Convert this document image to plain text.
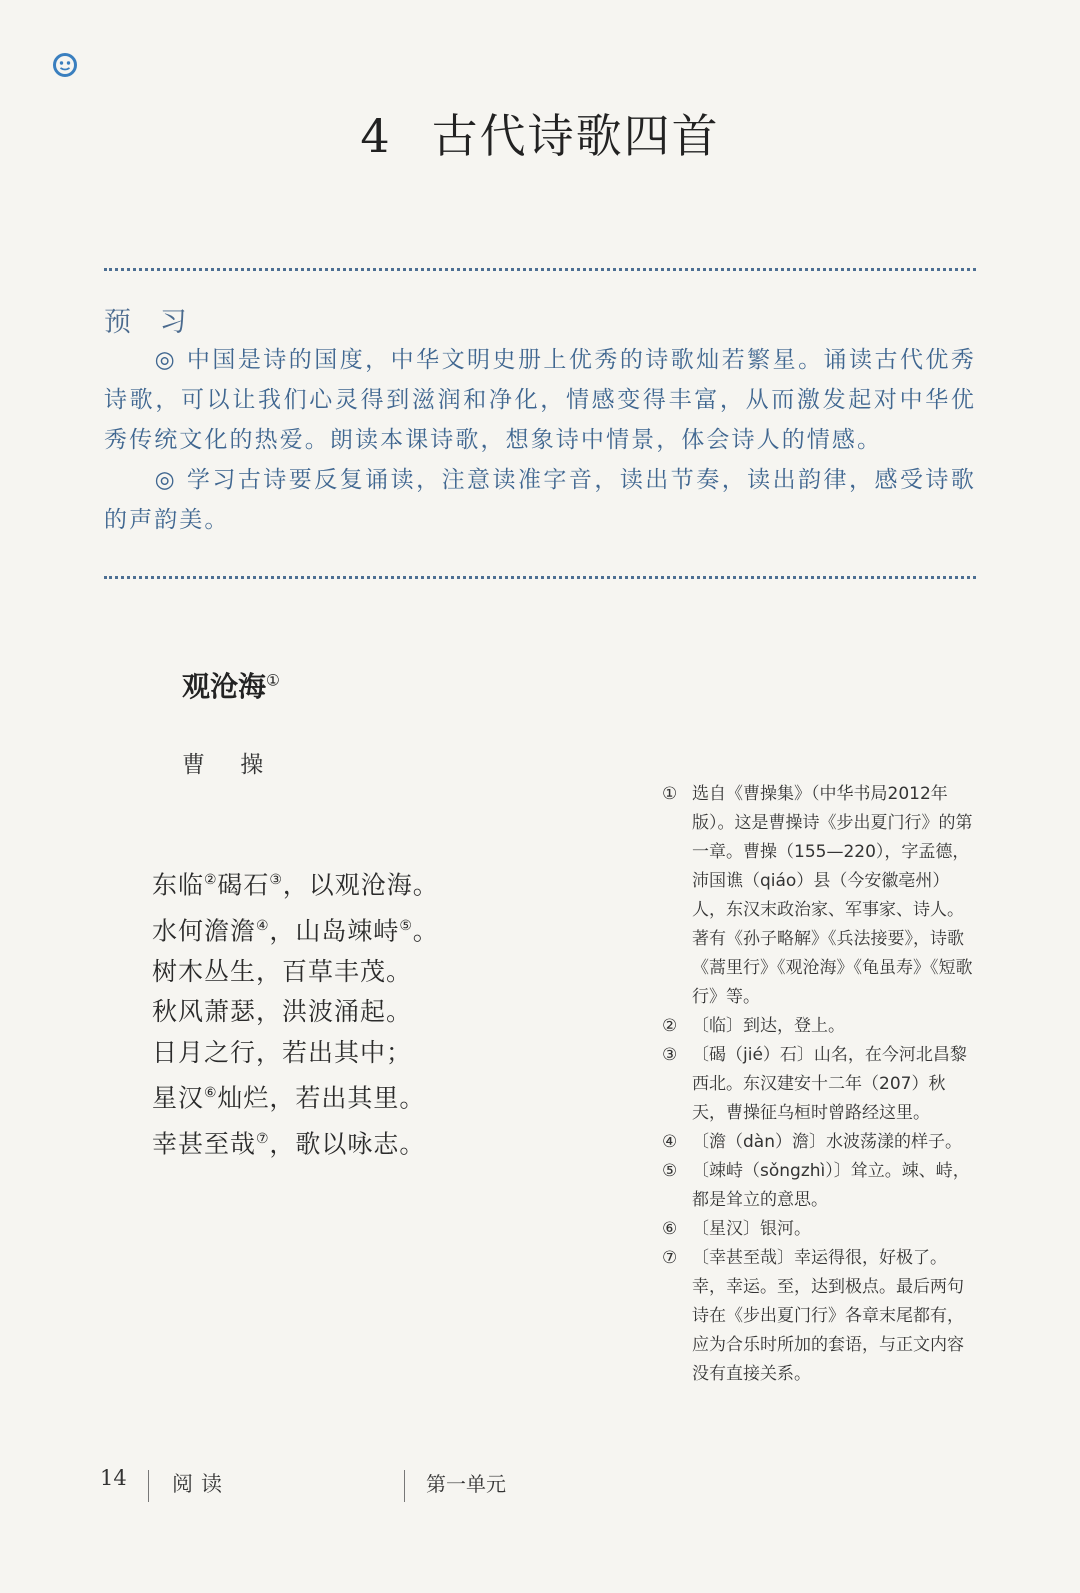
4 古代诗歌四首
预 习

◎ 中国是诗的国度，中华文明史册上优秀的诗歌灿若繁星。诵读古代优秀诗歌，可以让我们心灵得到滋润和净化，情感变得丰富，从而激发起对中华优秀传统文化的热爱。朗读本课诗歌，想象诗中情景，体会诗人的情感。

◎ 学习古诗要反复诵读，注意读准字音，读出节奏，读出韵律，感受诗歌的声韵美。

观沧海①
曹 操
东临②碣石③，以观沧海。
水何澹澹④，山岛竦峙⑤。
树木丛生，百草丰茂。
秋风萧瑟，洪波涌起。
日月之行，若出其中；
星汉⑥灿烂，若出其里。
幸甚至哉⑦，歌以咏志。
① 选自《曹操集》（中华书局2012年版）。这是曹操诗《步出夏门行》的第一章。曹操（155—220），字孟德，沛国谯（qiáo）县（今安徽亳州）人，东汉末政治家、军事家、诗人。著有《孙子略解》《兵法接要》，诗歌《蒿里行》《观沧海》《龟虽寿》《短歌行》等。
② 〔临〕到达，登上。
③ 〔碣（jié）石〕山名，在今河北昌黎西北。东汉建安十二年（207）秋天，曹操征乌桓时曾路经这里。
④ 〔澹（dàn）澹〕水波荡漾的样子。
⑤ 〔竦峙（sǒngzhì）〕耸立。竦、峙，都是耸立的意思。
⑥ 〔星汉〕银河。
⑦ 〔幸甚至哉〕幸运得很，好极了。幸，幸运。至，达到极点。最后两句诗在《步出夏门行》各章末尾都有，应为合乐时所加的套语，与正文内容没有直接关系。
14 阅读	第一单元
